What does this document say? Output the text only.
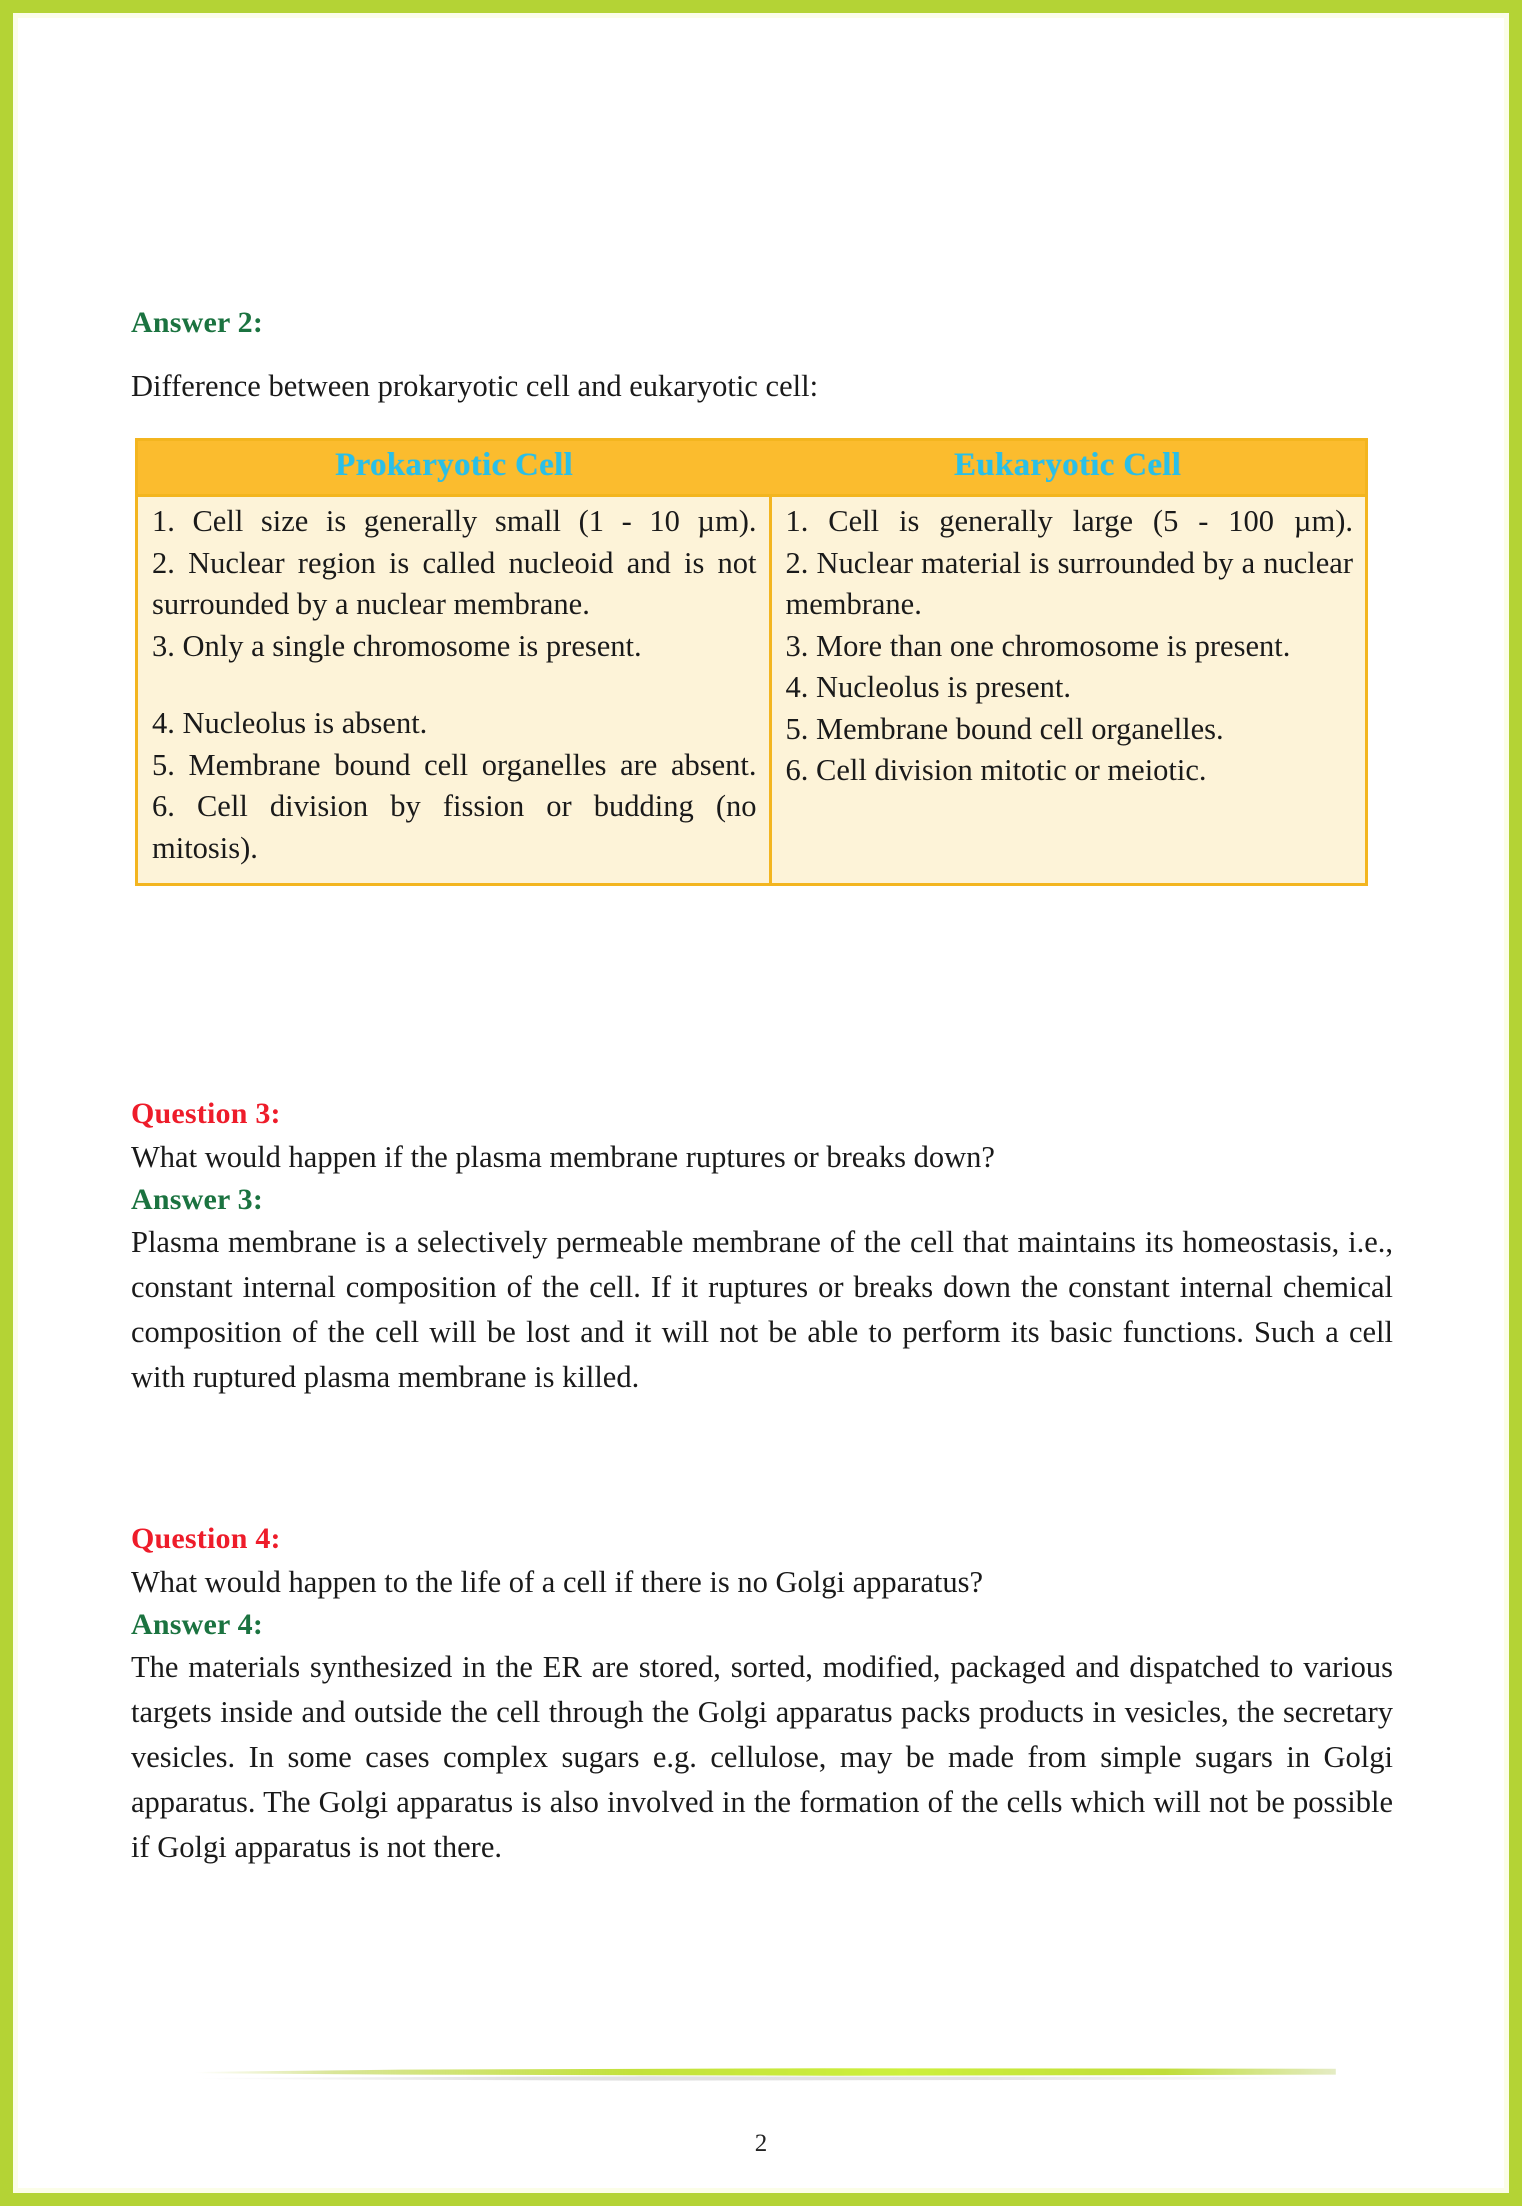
Answer 2:
Difference between prokaryotic cell and eukaryotic cell:
Prokaryotic Cell	Eukaryotic Cell

1. Cell size is generally small (1 - 10 µm).
2. Nuclear region is called nucleoid and is not surrounded by a nuclear membrane.
3. Only a single chromosome is present.
4. Nucleolus is absent.
5. Membrane bound cell organelles are absent.
6. Cell division by fission or budding (no mitosis).

1. Cell is generally large (5 - 100 µm).
2. Nuclear material is surrounded by a nuclear membrane.
3. More than one chromosome is present.
4. Nucleolus is present.
5. Membrane bound cell organelles.
6. Cell division mitotic or meiotic.
Question 3:
What would happen if the plasma membrane ruptures or breaks down?
Answer 3:
Plasma membrane is a selectively permeable membrane of the cell that maintains its homeostasis, i.e., constant internal composition of the cell. If it ruptures or breaks down the constant internal chemical composition of the cell will be lost and it will not be able to perform its basic functions. Such a cell with ruptured plasma membrane is killed.
Question 4:
What would happen to the life of a cell if there is no Golgi apparatus?
Answer 4:
The materials synthesized in the ER are stored, sorted, modified, packaged and dispatched to various targets inside and outside the cell through the Golgi apparatus packs products in vesicles, the secretary vesicles. In some cases complex sugars e.g. cellulose, may be made from simple sugars in Golgi apparatus. The Golgi apparatus is also involved in the formation of the cells which will not be possible if Golgi apparatus is not there.
2
